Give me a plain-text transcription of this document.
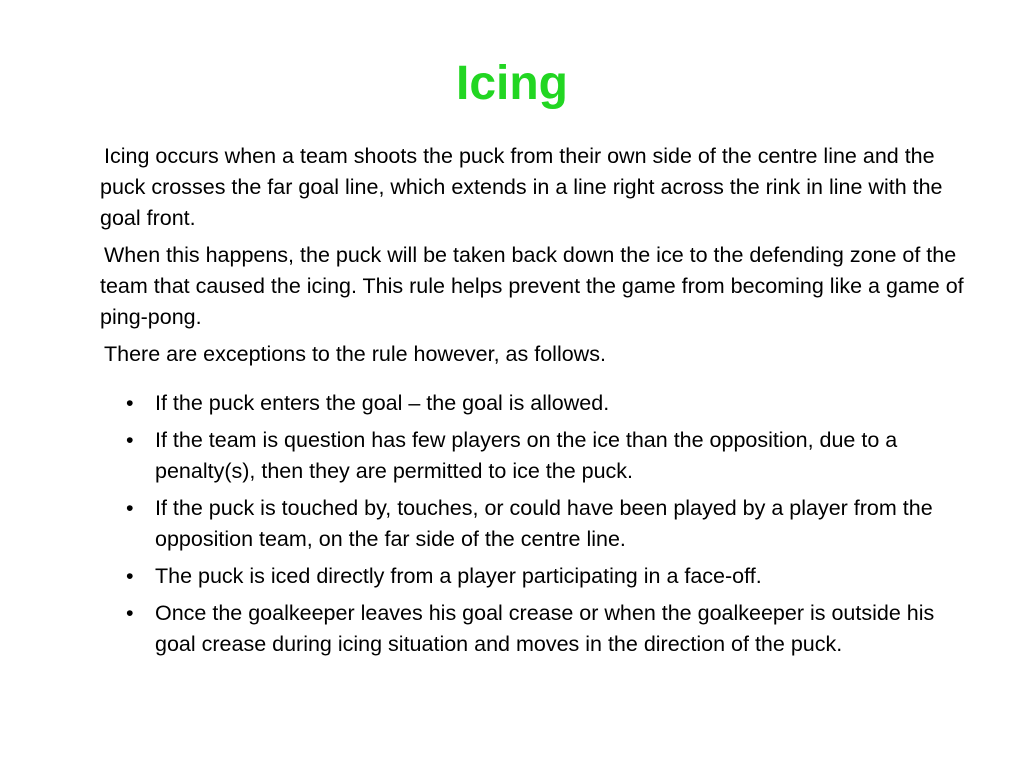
Icing

Icing occurs when a team shoots the puck from their own side of the centre line and the puck crosses the far goal line, which extends in a line right across the rink in line with the goal front.

When this happens, the puck will be taken back down the ice to the defending zone of the team that caused the icing. This rule helps prevent the game from becoming like a game of ping-pong.

There are exceptions to the rule however, as follows.

• If the puck enters the goal – the goal is allowed.
• If the team is question has few players on the ice than the opposition, due to a penalty(s), then they are permitted to ice the puck.
• If the puck is touched by, touches, or could have been played by a player from the opposition team, on the far side of the centre line.
• The puck is iced directly from a player participating in a face-off.
• Once the goalkeeper leaves his goal crease or when the goalkeeper is outside his goal crease during icing situation and moves in the direction of the puck.
